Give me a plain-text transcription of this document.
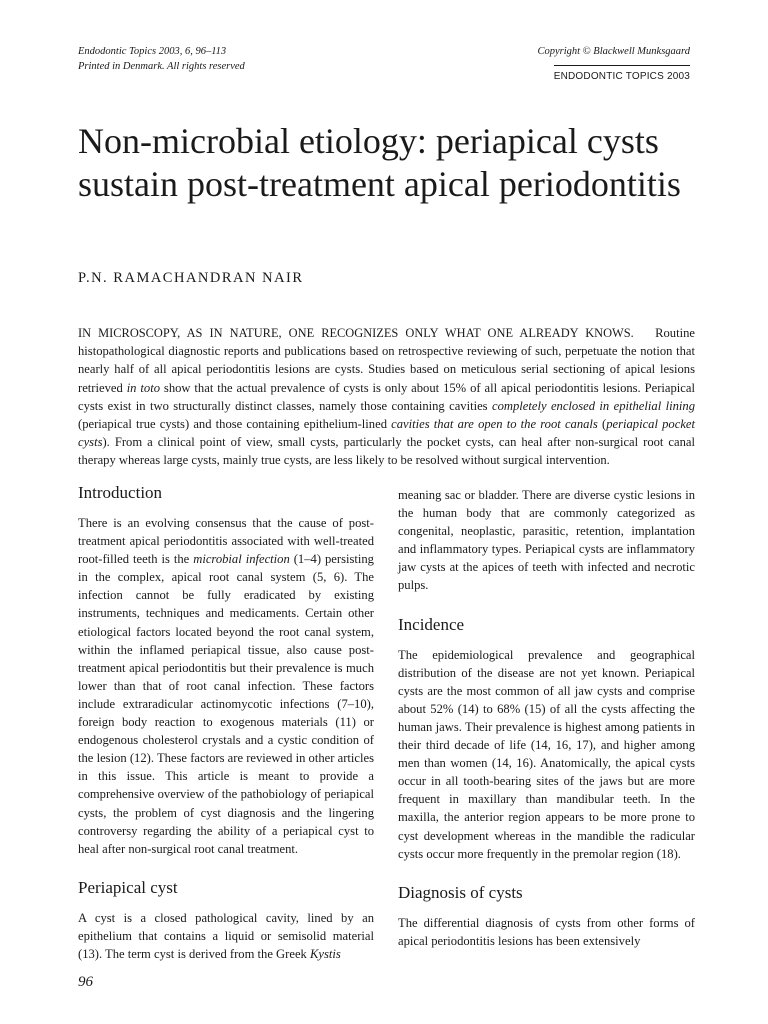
Endodontic Topics 2003, 6, 96–113
Printed in Denmark. All rights reserved
Copyright © Blackwell Munksgaard
ENDODONTIC TOPICS 2003
Non-microbial etiology: periapical cysts sustain post-treatment apical periodontitis
P.N. RAMACHANDRAN NAIR

IN MICROSCOPY, AS IN NATURE, ONE RECOGNIZES ONLY WHAT ONE ALREADY KNOWS. Routine histopathological diagnostic reports and publications based on retrospective reviewing of such, perpetuate the notion that nearly half of all apical periodontitis lesions are cysts. Studies based on meticulous serial sectioning of apical lesions retrieved in toto show that the actual prevalence of cysts is only about 15% of all apical periodontitis lesions. Periapical cysts exist in two structurally distinct classes, namely those containing cavities completely enclosed in epithelial lining (periapical true cysts) and those containing epithelium-lined cavities that are open to the root canals (periapical pocket cysts). From a clinical point of view, small cysts, particularly the pocket cysts, can heal after non-surgical root canal therapy whereas large cysts, mainly true cysts, are less likely to be resolved without surgical intervention.

Introduction

There is an evolving consensus that the cause of post-treatment apical periodontitis associated with well-treated root-filled teeth is the microbial infection (1–4) persisting in the complex, apical root canal system (5, 6). The infection cannot be fully eradicated by existing instruments, techniques and medicaments. Certain other etiological factors located beyond the root canal system, within the inflamed periapical tissue, also cause post-treatment apical periodontitis but their prevalence is much lower than that of root canal infection. These factors include extraradicular actinomycotic infections (7–10), foreign body reaction to exogenous materials (11) or endogenous cholesterol crystals and a cystic condition of the lesion (12). These factors are reviewed in other articles in this issue. This article is meant to provide a comprehensive overview of the pathobiology of periapical cysts, the problem of cyst diagnosis and the lingering controversy regarding the ability of a periapical cyst to heal after non-surgical root canal treatment.

Periapical cyst

A cyst is a closed pathological cavity, lined by an epithelium that contains a liquid or semisolid material (13). The term cyst is derived from the Greek Kystis

meaning sac or bladder. There are diverse cystic lesions in the human body that are commonly categorized as congenital, neoplastic, parasitic, retention, implantation and inflammatory types. Periapical cysts are inflammatory jaw cysts at the apices of teeth with infected and necrotic pulps.

Incidence

The epidemiological prevalence and geographical distribution of the disease are not yet known. Periapical cysts are the most common of all jaw cysts and comprise about 52% (14) to 68% (15) of all the cysts affecting the human jaws. Their prevalence is highest among patients in their third decade of life (14, 16, 17), and higher among men than women (14, 16). Anatomically, the apical cysts occur in all tooth-bearing sites of the jaws but are more frequent in maxillary than mandibular teeth. In the maxilla, the anterior region appears to be more prone to cyst development whereas in the mandible the radicular cysts occur more frequently in the premolar region (18).

Diagnosis of cysts

The differential diagnosis of cysts from other forms of apical periodontitis lesions has been extensively

96
